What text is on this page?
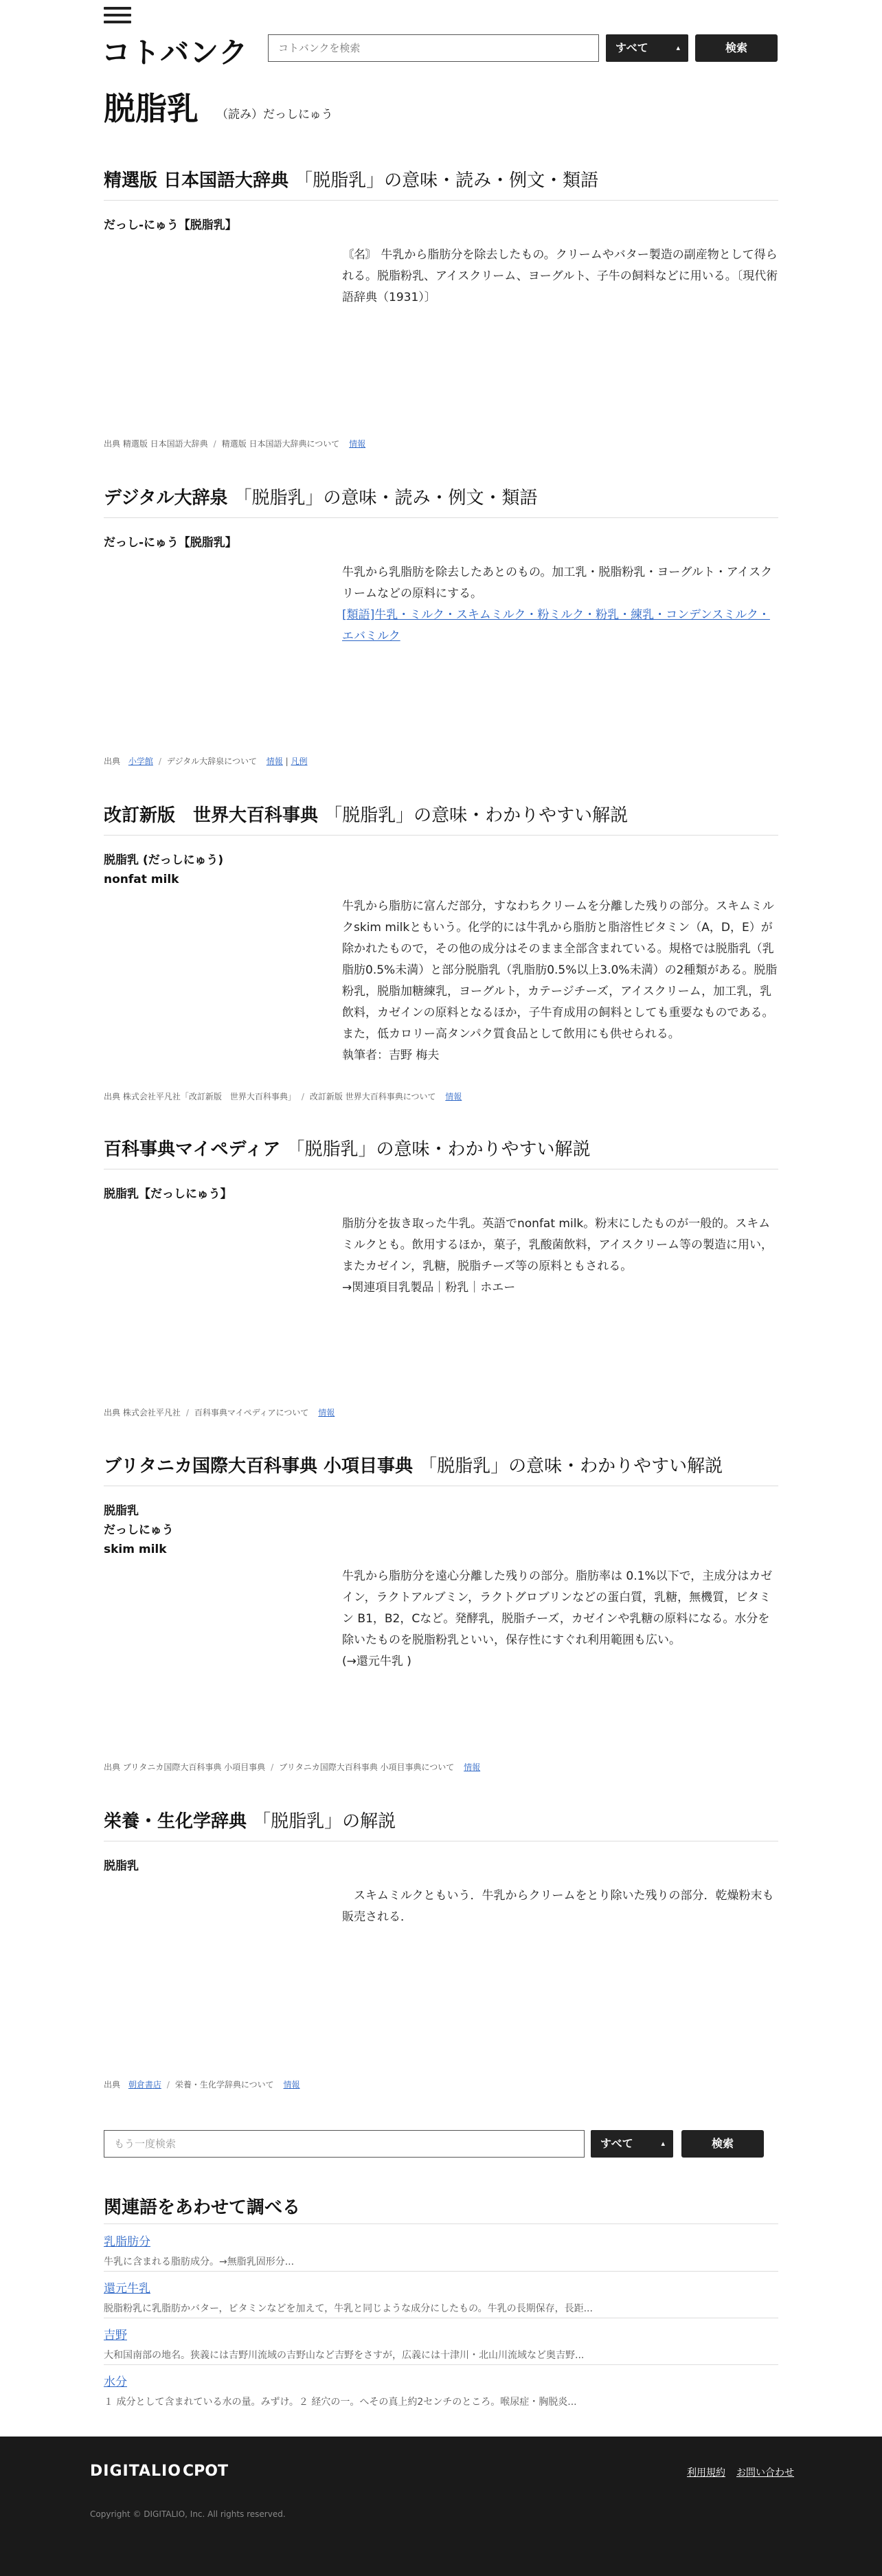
コトバンク
コトバンクを検索	すべて	▴	検索
脱脂乳 （読み）だっしにゅう
精選版 日本国語大辞典 「脱脂乳」の意味・読み・例文・類語
だっし‐にゅう【脱脂乳】
〘名〙 牛乳から脂肪分を除去したもの。クリームやバター製造の副産物として得られる。脱脂粉乳、アイスクリーム、ヨーグルト、子牛の飼料などに用いる。〔現代術語辞典（1931）〕
出典 精選版 日本国語大辞典 / 精選版 日本国語大辞典について 情報
デジタル大辞泉 「脱脂乳」の意味・読み・例文・類語
だっし‐にゅう【脱脂乳】
牛乳から乳脂肪を除去したあとのもの。加工乳・脱脂粉乳・ヨーグルト・アイスクリームなどの原料にする。
[類語]牛乳・ミルク・スキムミルク・粉ミルク・粉乳・練乳・コンデンスミルク・エバミルク
出典 小学館 / デジタル大辞泉について 情報 | 凡例
改訂新版　世界大百科事典 「脱脂乳」の意味・わかりやすい解説
脱脂乳 (だっしにゅう)
nonfat milk
牛乳から脂肪に富んだ部分，すなわちクリームを分離した残りの部分。スキムミルクskim milkともいう。化学的には牛乳から脂肪と脂溶性ビタミン（A，D，E）が除かれたもので，その他の成分はそのまま全部含まれている。規格では脱脂乳（乳脂肪0.5%未満）と部分脱脂乳（乳脂肪0.5%以上3.0%未満）の2種類がある。脱脂粉乳，脱脂加糖練乳，ヨーグルト，カテージチーズ，アイスクリーム，加工乳，乳飲料，カゼインの原料となるほか，子牛育成用の飼料としても重要なものである。また，低カロリー高タンパク質食品として飲用にも供せられる。
執筆者：吉野 梅夫
出典 株式会社平凡社「改訂新版　世界大百科事典」 / 改訂新版 世界大百科事典について 情報
百科事典マイペディア 「脱脂乳」の意味・わかりやすい解説
脱脂乳【だっしにゅう】
脂肪分を抜き取った牛乳。英語でnonfat milk。粉末にしたものが一般的。スキムミルクとも。飲用するほか，菓子，乳酸菌飲料，アイスクリーム等の製造に用い，またカゼイン，乳糖，脱脂チーズ等の原料ともされる。
→関連項目乳製品｜粉乳｜ホエー
出典 株式会社平凡社 / 百科事典マイペディアについて 情報
ブリタニカ国際大百科事典 小項目事典 「脱脂乳」の意味・わかりやすい解説
脱脂乳
だっしにゅう
skim milk
牛乳から脂肪分を遠心分離した残りの部分。脂肪率は 0.1%以下で，主成分はカゼイン，ラクトアルブミン，ラクトグロブリンなどの蛋白質，乳糖，無機質，ビタミン B1，B2，Cなど。発酵乳，脱脂チーズ，カゼインや乳糖の原料になる。水分を除いたものを脱脂粉乳といい，保存性にすぐれ利用範囲も広い。
(→還元牛乳 )
出典 ブリタニカ国際大百科事典 小項目事典 / ブリタニカ国際大百科事典 小項目事典について 情報
栄養・生化学辞典 「脱脂乳」の解説
脱脂乳
　スキムミルクともいう．牛乳からクリームをとり除いた残りの部分．乾燥粉末も販売される．
出典 朝倉書店 / 栄養・生化学辞典について 情報
もう一度検索	すべて	▴	検索
関連語をあわせて調べる
乳脂肪分
牛乳に含まれる脂肪成分。→無脂乳固形分...
還元牛乳
脱脂粉乳に乳脂肪かバター，ビタミンなどを加えて，牛乳と同じような成分にしたもの。牛乳の長期保存，長距...
吉野
大和国南部の地名。狭義には吉野川流域の吉野山など吉野をさすが，広義には十津川・北山川流域など奥吉野...
水分
１ 成分として含まれている水の量。みずけ。２ 経穴の一。へその真上約2センチのところ。喉尿症・胸脱炎...
DIGITALIO CPOT	利用規約 お問い合わせ
Copyright © DIGITALIO, Inc. All rights reserved.
